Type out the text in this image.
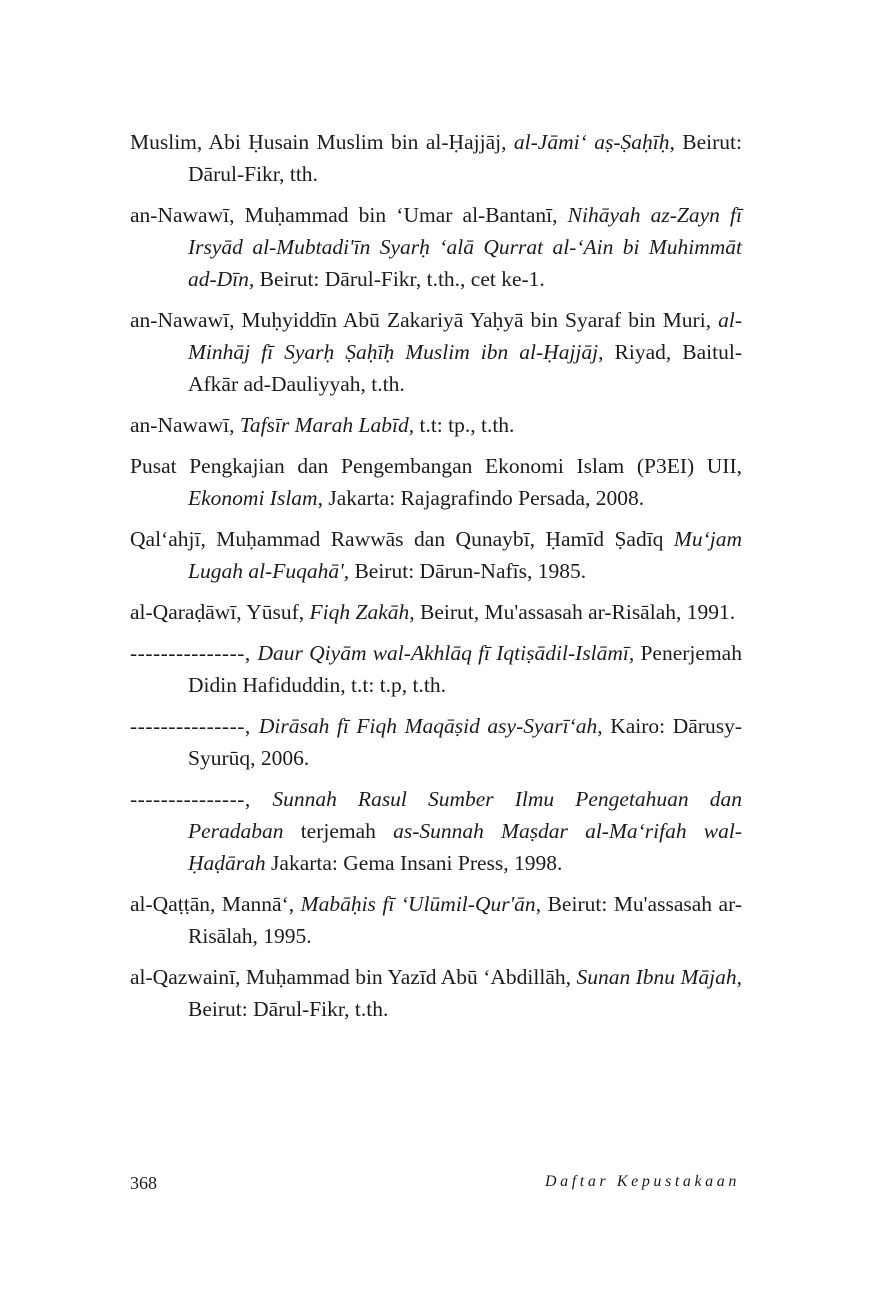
Muslim, Abi Ḥusain Muslim bin al-Ḥajjāj, al-Jāmi‘ aṣ-Ṣaḥīḥ, Beirut: Dārul-Fikr, tth.

an-Nawawī, Muḥammad bin ‘Umar al-Bantanī, Nihāyah az-Zayn fī Irsyād al-Mubtadi'īn Syarḥ ‘alā Qurrat al-‘Ain bi Muhimmāt ad-Dīn, Beirut: Dārul-Fikr, t.th., cet ke-1.

an-Nawawī, Muḥyiddīn Abū Zakariyā Yaḥyā bin Syaraf bin Muri, al-Minhāj fī Syarḥ Ṣaḥīḥ Muslim ibn al-Ḥajjāj, Riyad, Baitul-Afkār ad-Dauliyyah, t.th.

an-Nawawī, Tafsīr Marah Labīd, t.t: tp., t.th.

Pusat Pengkajian dan Pengembangan Ekonomi Islam (P3EI) UII, Ekonomi Islam, Jakarta: Rajagrafindo Persada, 2008.

Qal‘ahjī, Muḥammad Rawwās dan Qunaybī, Ḥamīd Ṣadīq Mu‘jam Lugah al-Fuqahā', Beirut: Dārun-Nafīs, 1985.

al-Qaraḍāwī, Yūsuf, Fiqh Zakāh, Beirut, Mu'assasah ar-Risālah, 1991.

---------------, Daur Qiyām wal-Akhlāq fī Iqtiṣādil-Islāmī, Penerjemah Didin Hafiduddin, t.t: t.p, t.th.

---------------, Dirāsah fī Fiqh Maqāṣid asy-Syarī‘ah, Kairo: Dārusy-Syurūq, 2006.

---------------, Sunnah Rasul Sumber Ilmu Pengetahuan dan Peradaban terjemah as-Sunnah Maṣdar al-Ma‘rifah wal-Ḥaḍārah Jakarta: Gema Insani Press, 1998.

al-Qaṭṭān, Mannā‘, Mabāḥis fī ‘Ulūmil-Qur'ān, Beirut: Mu'assasah ar-Risālah, 1995.

al-Qazwainī, Muḥammad bin Yazīd Abū ‘Abdillāh, Sunan Ibnu Mājah, Beirut: Dārul-Fikr, t.th.

368	Daftar Kepustakaan
